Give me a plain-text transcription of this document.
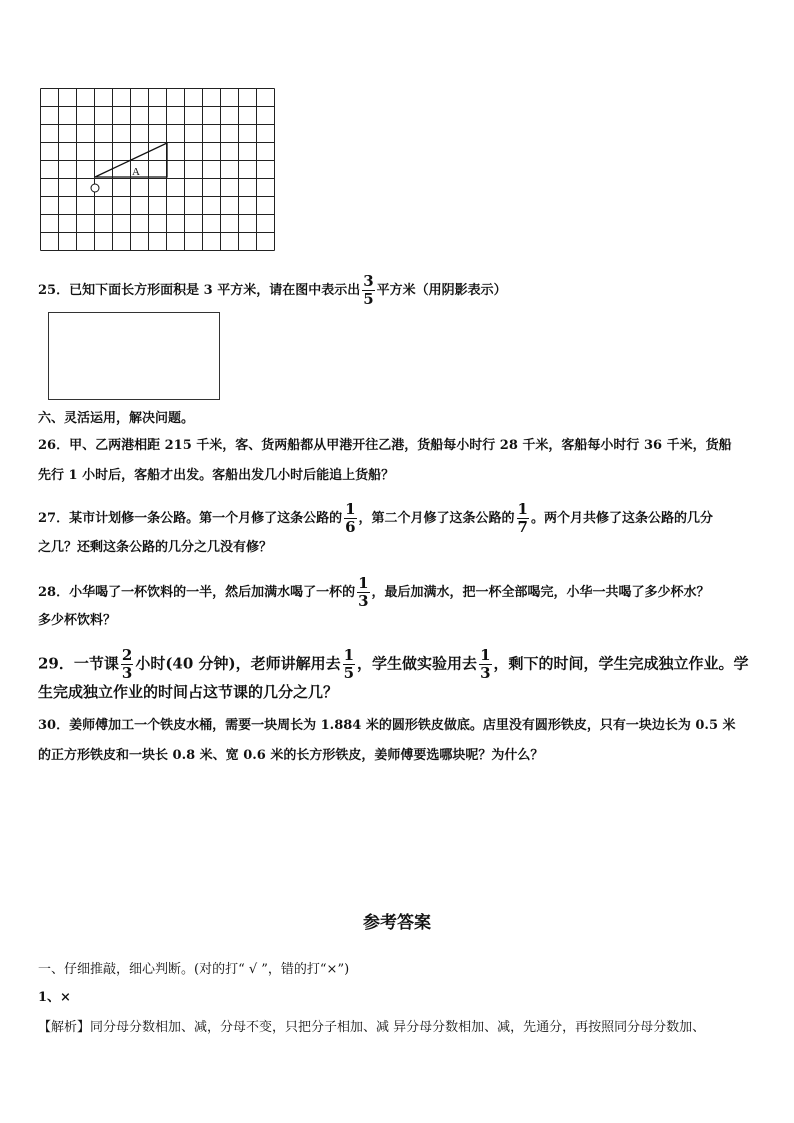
A
25．已知下面长方形面积是 3 平方米，请在图中表示出 $\frac{3}{5}$ 平方米（用阴影表示）
六、灵活运用，解决问题。
26．甲、乙两港相距 215 千米，客、货两船都从甲港开往乙港，货船每小时行 28 千米，客船每小时行 36 千米，货船
先行 1 小时后，客船才出发。客船出发几小时后能追上货船？
27．某市计划修一条公路。第一个月修了这条公路的 $\frac{1}{6}$ ，第二个月修了这条公路的 $\frac{1}{7}$ 。两个月共修了这条公路的几分
之几？还剩这条公路的几分之几没有修？
28．小华喝了一杯饮料的一半，然后加满水喝了一杯的 $\frac{1}{3}$ ，最后加满水，把一杯全部喝完，小华一共喝了多少杯水？
多少杯饮料？
29．一节课 $\frac{2}{3}$ 小时(40 分钟)，老师讲解用去 $\frac{1}{5}$ ，学生做实验用去 $\frac{1}{3}$ ，剩下的时间，学生完成独立作业。学
生完成独立作业的时间占这节课的几分之几？
30．姜师傅加工一个铁皮水桶，需要一块周长为 1.884 米的圆形铁皮做底。店里没有圆形铁皮，只有一块边长为 0.5 米
的正方形铁皮和一块长 0.8 米、宽 0.6 米的长方形铁皮，姜师傅要选哪块呢？为什么？
参考答案
一、仔细推敲，细心判断。(对的打“ √ ”，错的打“×”)
1、×
【解析】同分母分数相加、减，分母不变，只把分子相加、减 异分母分数相加、减，先通分，再按照同分母分数加、
